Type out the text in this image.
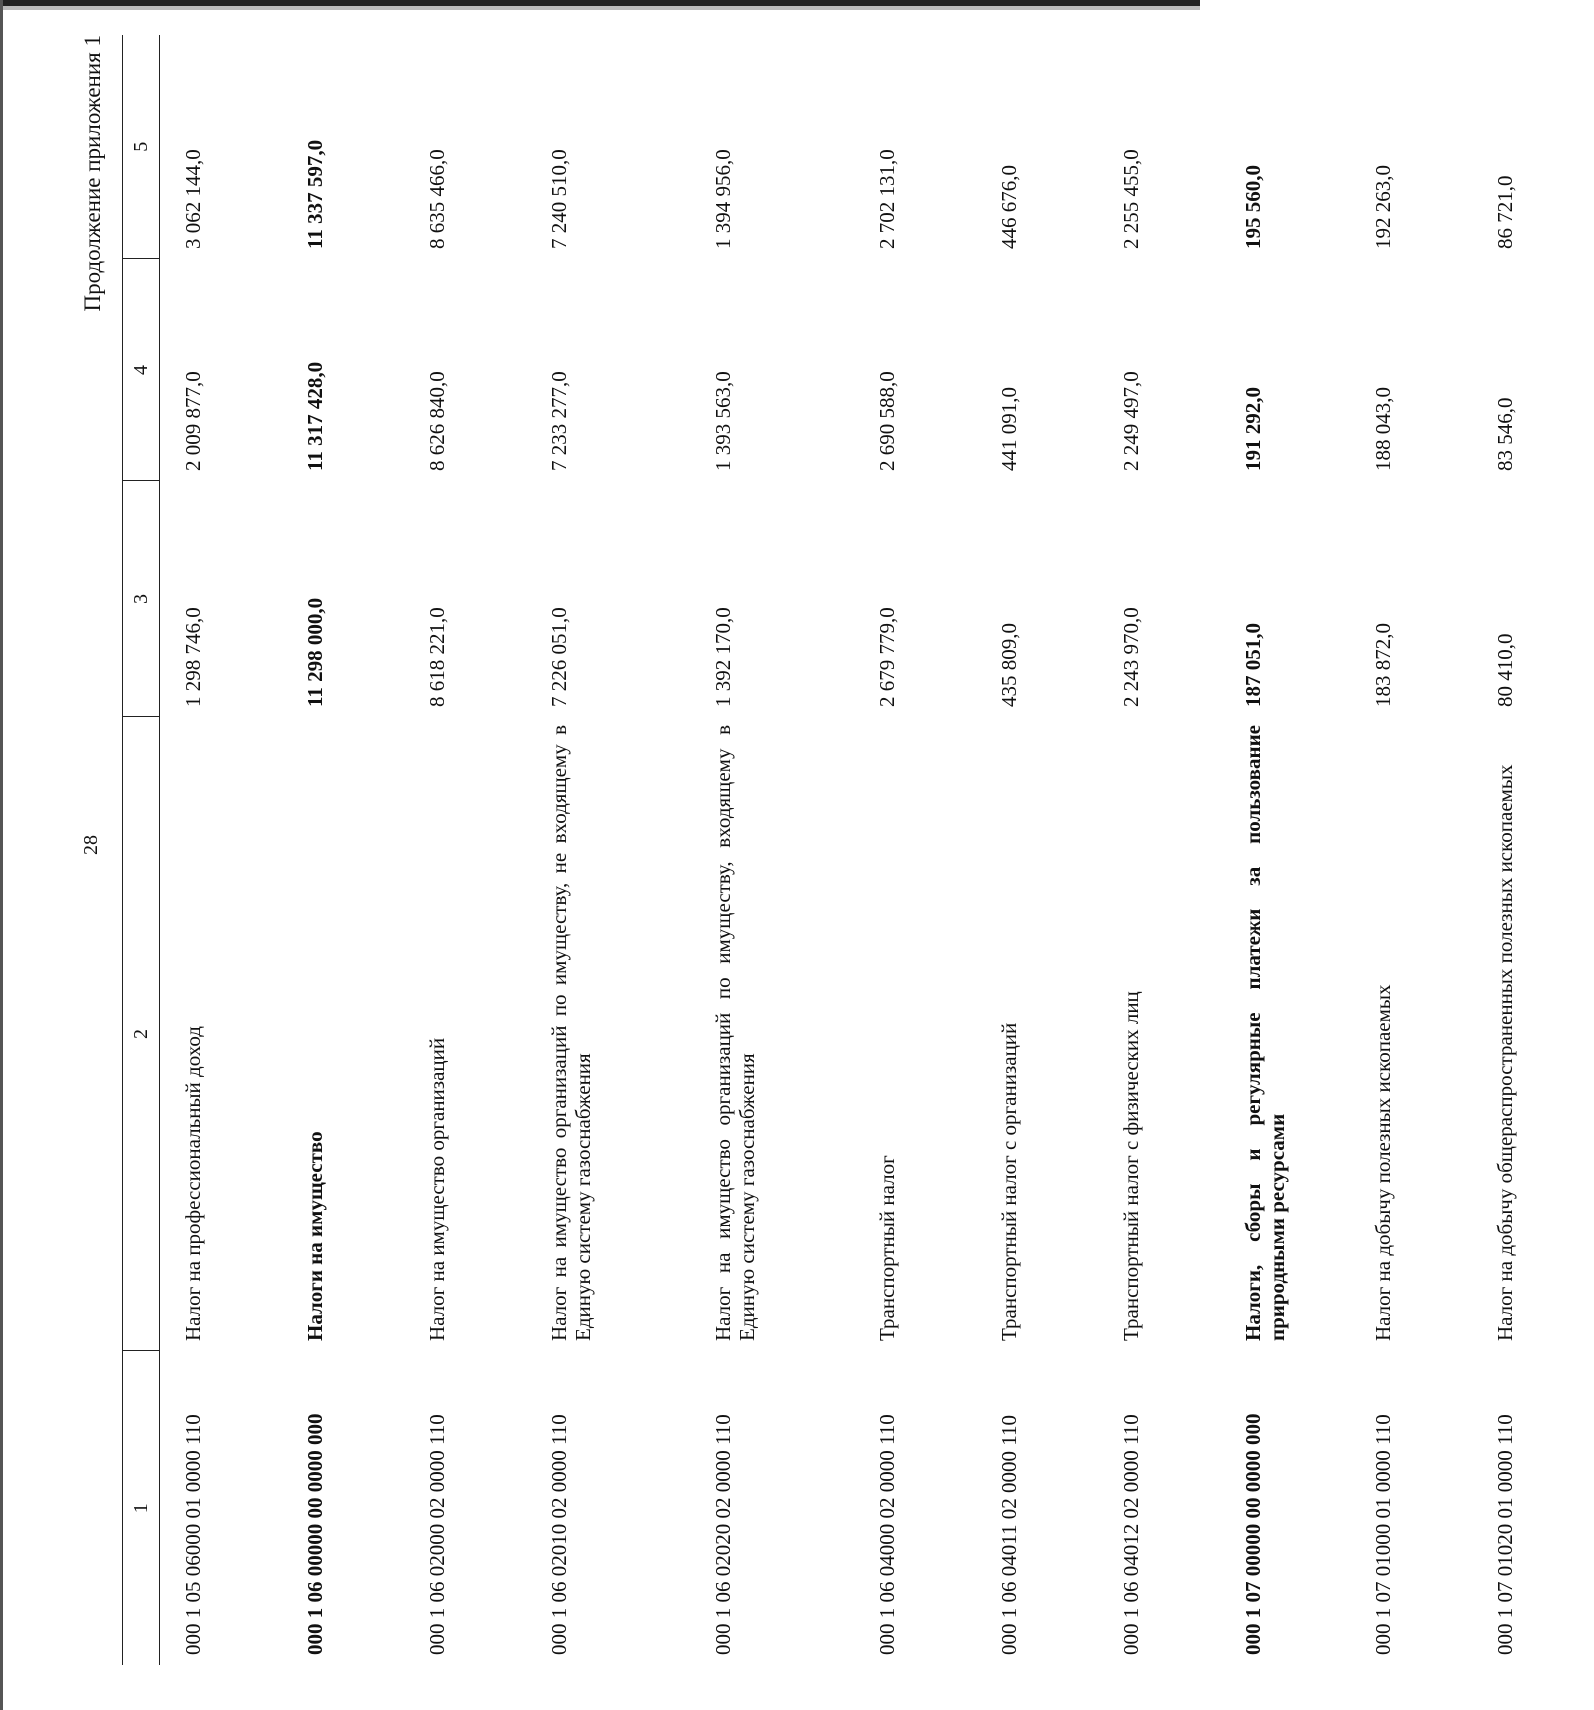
28
Продолжение приложения 1
1	2	3	4	5
000 1 05 06000 01 0000 110	Налог на профессиональный доход	1 298 746,0	2 009 877,0	3 062 144,0
000 1 06 00000 00 0000 000	Налоги на имущество	11 298 000,0	11 317 428,0	11 337 597,0
000 1 06 02000 02 0000 110	Налог на имущество организаций	8 618 221,0	8 626 840,0	8 635 466,0
000 1 06 02010 02 0000 110	Налог на имущество организаций по имуществу, не входящему в Единую систему газоснабжения	7 226 051,0	7 233 277,0	7 240 510,0
000 1 06 02020 02 0000 110	Налог на имущество организаций по имуществу, входящему в Единую систему газоснабжения	1 392 170,0	1 393 563,0	1 394 956,0
000 1 06 04000 02 0000 110	Транспортный налог	2 679 779,0	2 690 588,0	2 702 131,0
000 1 06 04011 02 0000 110	Транспортный налог с организаций	435 809,0	441 091,0	446 676,0
000 1 06 04012 02 0000 110	Транспортный налог с физических лиц	2 243 970,0	2 249 497,0	2 255 455,0
000 1 07 00000 00 0000 000	Налоги, сборы и регулярные платежи за пользование природными ресурсами	187 051,0	191 292,0	195 560,0
000 1 07 01000 01 0000 110	Налог на добычу полезных ископаемых	183 872,0	188 043,0	192 263,0
000 1 07 01020 01 0000 110	Налог на добычу общераспространенных полезных ископаемых	80 410,0	83 546,0	86 721,0
